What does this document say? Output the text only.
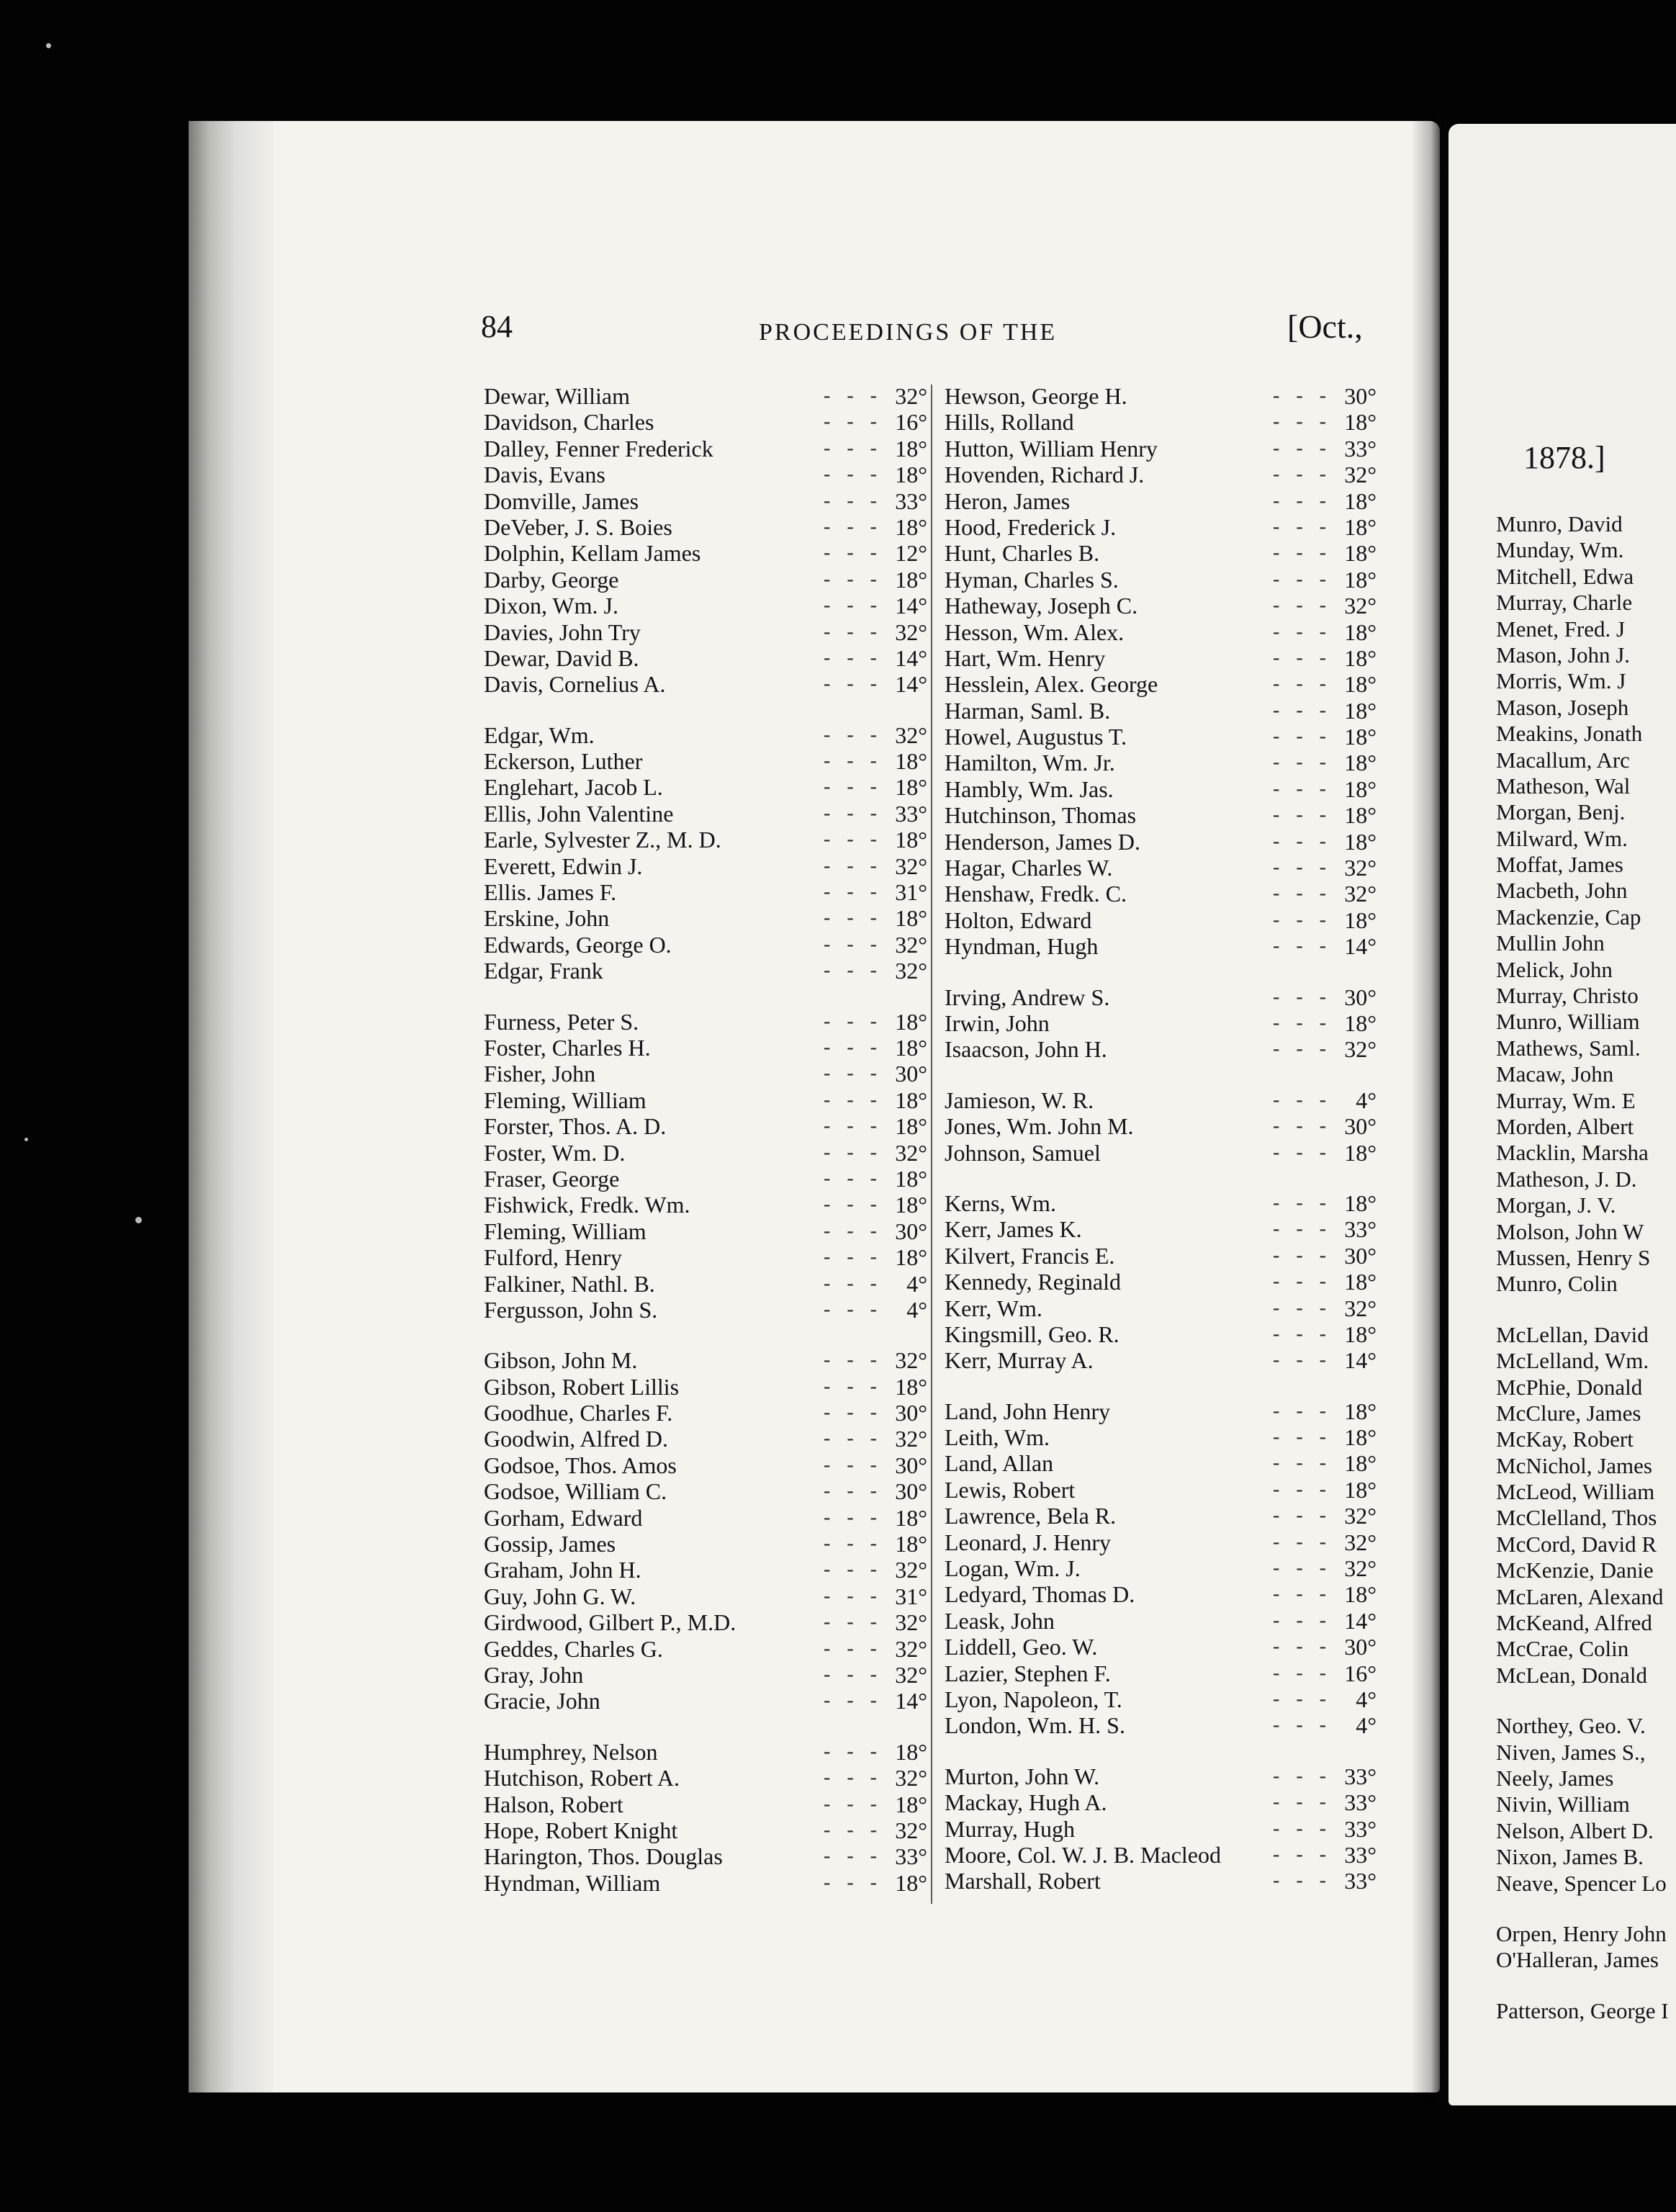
84	PROCEEDINGS OF THE	[Oct.,
- - -
Dewar, William	32°
- - -
Davidson, Charles	16°
- - -
Dalley, Fenner Frederick	18°
- - -
Davis, Evans	18°
- - -
Domville, James	33°
- - -
DeVeber, J. S. Boies	18°
- - -
Dolphin, Kellam James	12°
- - -
Darby, George	18°
- - -
Dixon, Wm. J.	14°
- - -
Davies, John Try	32°
- - -
Dewar, David B.	14°
- - -
Davis, Cornelius A.	14°
- - -
Edgar, Wm.	32°
- - -
Eckerson, Luther	18°
- - -
Englehart, Jacob L.	18°
- - -
Ellis, John Valentine	33°
- - -
Earle, Sylvester Z., M. D.	18°
- - -
Everett, Edwin J.	32°
- - -
Ellis. James F.	31°
- - -
Erskine, John	18°
- - -
Edwards, George O.	32°
- - -
Edgar, Frank	32°
- - -
Furness, Peter S.	18°
- - -
Foster, Charles H.	18°
- - -
Fisher, John	30°
- - -
Fleming, William	18°
- - -
Forster, Thos. A. D.	18°
- - -
Foster, Wm. D.	32°
- - -
Fraser, George	18°
- - -
Fishwick, Fredk. Wm.	18°
- - -
Fleming, William	30°
- - -
Fulford, Henry	18°
- - -
Falkiner, Nathl. B.	4°
- - -
Fergusson, John S.	4°
- - -
Gibson, John M.	32°
- - -
Gibson, Robert Lillis	18°
- - -
Goodhue, Charles F.	30°
- - -
Goodwin, Alfred D.	32°
- - -
Godsoe, Thos. Amos	30°
- - -
Godsoe, William C.	30°
- - -
Gorham, Edward	18°
- - -
Gossip, James	18°
- - -
Graham, John H.	32°
- - -
Guy, John G. W.	31°
- - -
Girdwood, Gilbert P., M.D.	32°
- - -
Geddes, Charles G.	32°
- - -
Gray, John	32°
- - -
Gracie, John	14°
- - -
Humphrey, Nelson	18°
- - -
Hutchison, Robert A.	32°
- - -
Halson, Robert	18°
- - -
Hope, Robert Knight	32°
- - -
Harington, Thos. Douglas	33°
- - -
Hyndman, William	18°
- - -
Hewson, George H.	30°
- - -
Hills, Rolland	18°
- - -
Hutton, William Henry	33°
- - -
Hovenden, Richard J.	32°
- - -
Heron, James	18°
- - -
Hood, Frederick J.	18°
- - -
Hunt, Charles B.	18°
- - -
Hyman, Charles S.	18°
- - -
Hatheway, Joseph C.	32°
- - -
Hesson, Wm. Alex.	18°
- - -
Hart, Wm. Henry	18°
- - -
Hesslein, Alex. George	18°
- - -
Harman, Saml. B.	18°
- - -
Howel, Augustus T.	18°
- - -
Hamilton, Wm. Jr.	18°
- - -
Hambly, Wm. Jas.	18°
- - -
Hutchinson, Thomas	18°
- - -
Henderson, James D.	18°
- - -
Hagar, Charles W.	32°
- - -
Henshaw, Fredk. C.	32°
- - -
Holton, Edward	18°
- - -
Hyndman, Hugh	14°
- - -
Irving, Andrew S.	30°
- - -
Irwin, John	18°
- - -
Isaacson, John H.	32°
- - -
Jamieson, W. R.	4°
- - -
Jones, Wm. John M.	30°
- - -
Johnson, Samuel	18°
- - -
Kerns, Wm.	18°
- - -
Kerr, James K.	33°
- - -
Kilvert, Francis E.	30°
- - -
Kennedy, Reginald	18°
- - -
Kerr, Wm.	32°
- - -
Kingsmill, Geo. R.	18°
- - -
Kerr, Murray A.	14°
- - -
Land, John Henry	18°
- - -
Leith, Wm.	18°
- - -
Land, Allan	18°
- - -
Lewis, Robert	18°
- - -
Lawrence, Bela R.	32°
- - -
Leonard, J. Henry	32°
- - -
Logan, Wm. J.	32°
- - -
Ledyard, Thomas D.	18°
- - -
Leask, John	14°
- - -
Liddell, Geo. W.	30°
- - -
Lazier, Stephen F.	16°
- - -
Lyon, Napoleon, T.	4°
- - -
London, Wm. H. S.	4°
- - -
Murton, John W.	33°
- - -
Mackay, Hugh A.	33°
- - -
Murray, Hugh	33°
- - -
Moore, Col. W. J. B. Macleod	33°
- - -
Marshall, Robert	33°
1878.]
Munro, David
Munday, Wm.
Mitchell, Edwa
Murray, Charle
Menet, Fred. J
Mason, John J.
Morris, Wm. J
Mason, Joseph
Meakins, Jonath
Macallum, Arc
Matheson, Wal
Morgan, Benj.
Milward, Wm.
Moffat, James
Macbeth, John
Mackenzie, Cap
Mullin John
Melick, John
Murray, Christo
Munro, William
Mathews, Saml.
Macaw, John
Murray, Wm. E
Morden, Albert
Macklin, Marsha
Matheson, J. D.
Morgan, J. V.
Molson, John W
Mussen, Henry S
Munro, Colin
McLellan, David
McLelland, Wm.
McPhie, Donald
McClure, James
McKay, Robert
McNichol, James
McLeod, William
McClelland, Thos
McCord, David R
McKenzie, Danie
McLaren, Alexand
McKeand, Alfred
McCrae, Colin
McLean, Donald
Northey, Geo. V.
Niven, James S.,
Neely, James
Nivin, William
Nelson, Albert D.
Nixon, James B.
Neave, Spencer Lo
Orpen, Henry John
O'Halleran, James
Patterson, George I
